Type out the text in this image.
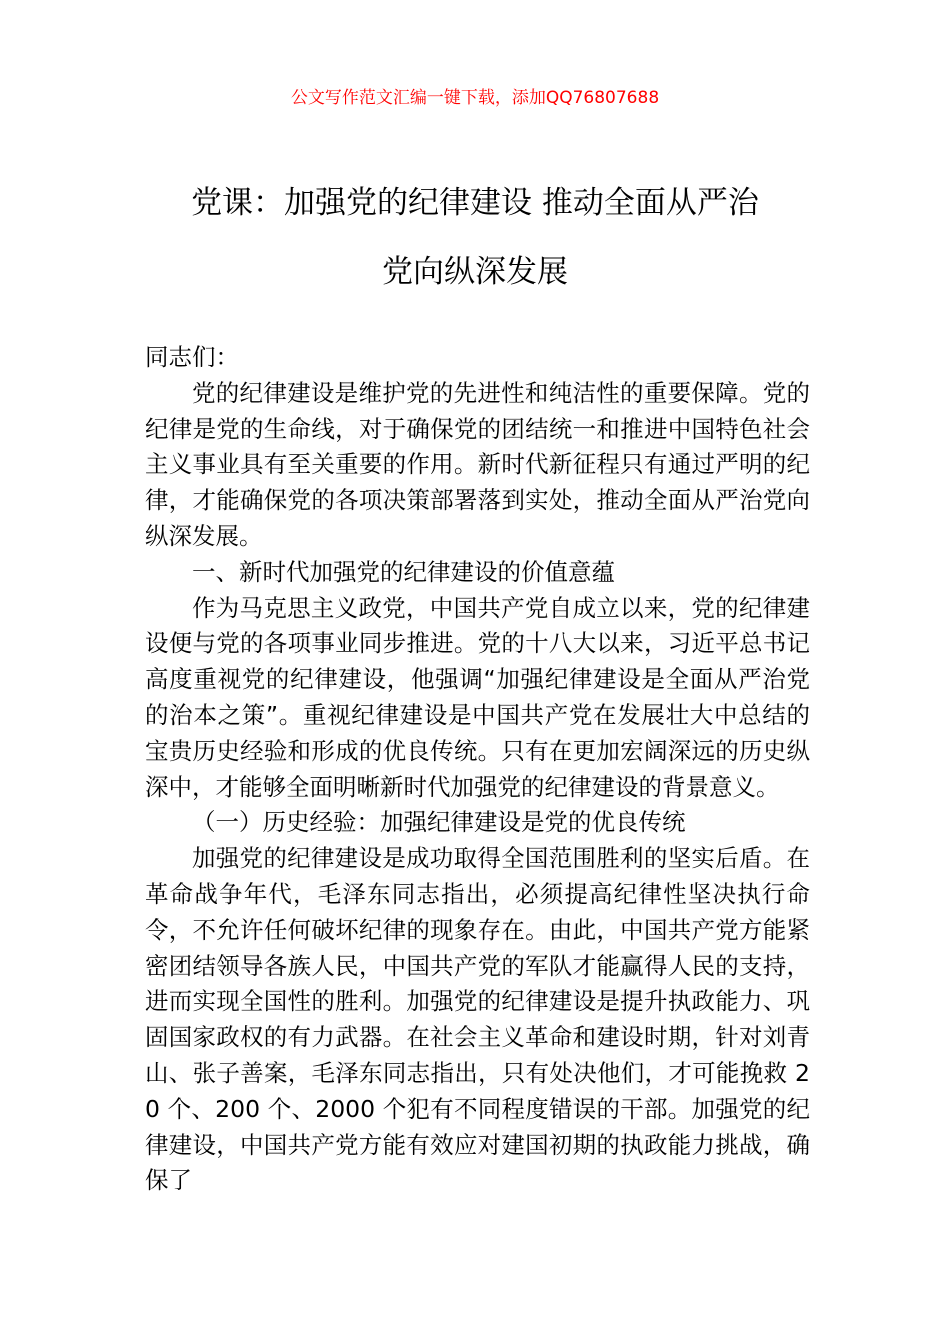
公文写作范文汇编一键下载，添加QQ76807688
党课：加强党的纪律建设 推动全面从严治
党向纵深发展

同志们：

党的纪律建设是维护党的先进性和纯洁性的重要保障。党的纪律是党的生命线，对于确保党的团结统一和推进中国特色社会主义事业具有至关重要的作用。新时代新征程只有通过严明的纪律，才能确保党的各项决策部署落到实处，推动全面从严治党向纵深发展。

一、新时代加强党的纪律建设的价值意蕴

作为马克思主义政党，中国共产党自成立以来，党的纪律建设便与党的各项事业同步推进。党的十八大以来，习近平总书记高度重视党的纪律建设，他强调“加强纪律建设是全面从严治党的治本之策”。重视纪律建设是中国共产党在发展壮大中总结的宝贵历史经验和形成的优良传统。只有在更加宏阔深远的历史纵深中，才能够全面明晰新时代加强党的纪律建设的背景意义。

（一）历史经验：加强纪律建设是党的优良传统

加强党的纪律建设是成功取得全国范围胜利的坚实后盾。在革命战争年代，毛泽东同志指出，必须提高纪律性坚决执行命令，不允许任何破坏纪律的现象存在。由此，中国共产党方能紧密团结领导各族人民，中国共产党的军队才能赢得人民的支持，进而实现全国性的胜利。加强党的纪律建设是提升执政能力、巩固国家政权的有力武器。在社会主义革命和建设时期，针对刘青山、张子善案，毛泽东同志指出，只有处决他们，才可能挽救 20 个、200 个、2000 个犯有不同程度错误的干部。加强党的纪律建设，中国共产党方能有效应对建国初期的执政能力挑战，确保了
